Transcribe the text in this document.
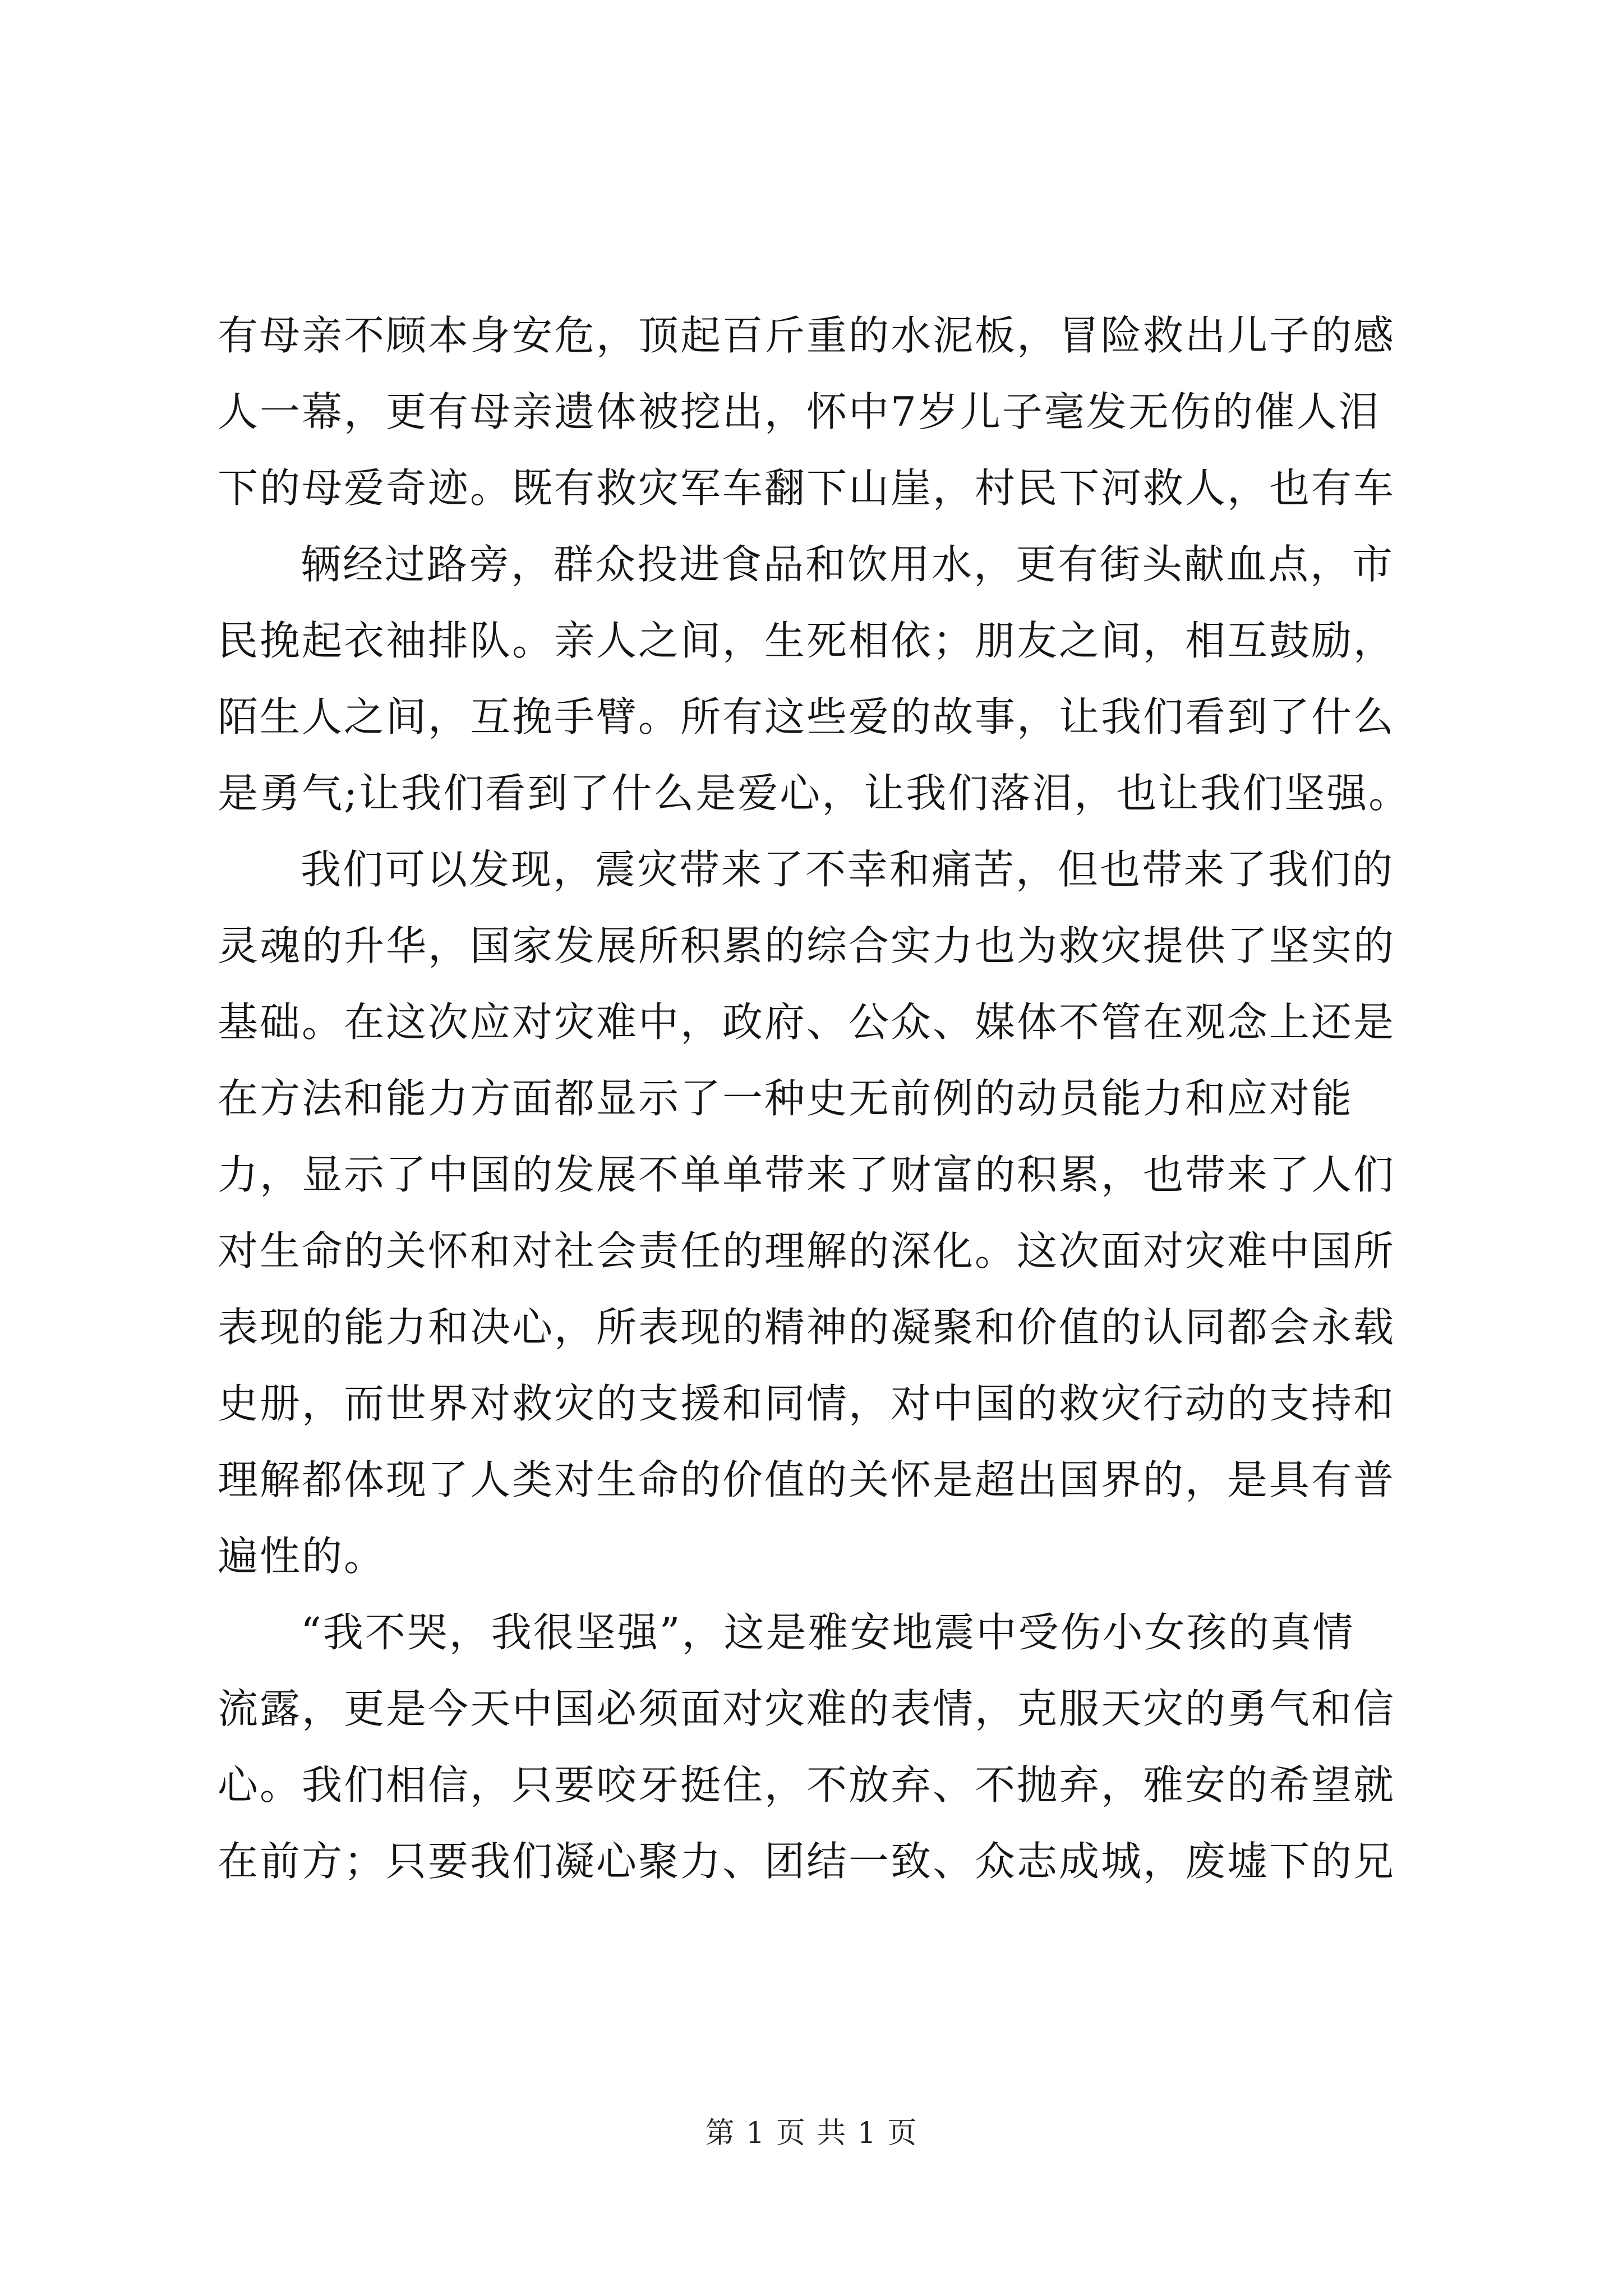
有母亲不顾本身安危，顶起百斤重的水泥板，冒险救出儿子的感
人一幕，更有母亲遗体被挖出，怀中7岁儿子毫发无伤的催人泪
下的母爱奇迹。既有救灾军车翻下山崖，村民下河救人，也有车
辆经过路旁，群众投进食品和饮用水，更有街头献血点，市
民挽起衣袖排队。亲人之间，生死相依；朋友之间，相互鼓励，
陌生人之间，互挽手臂。所有这些爱的故事，让我们看到了什么
是勇气;让我们看到了什么是爱心，让我们落泪，也让我们坚强。
我们可以发现，震灾带来了不幸和痛苦，但也带来了我们的
灵魂的升华，国家发展所积累的综合实力也为救灾提供了坚实的
基础。在这次应对灾难中，政府、公众、媒体不管在观念上还是
在方法和能力方面都显示了一种史无前例的动员能力和应对能
力，显示了中国的发展不单单带来了财富的积累，也带来了人们
对生命的关怀和对社会责任的理解的深化。这次面对灾难中国所
表现的能力和决心，所表现的精神的凝聚和价值的认同都会永载
史册，而世界对救灾的支援和同情，对中国的救灾行动的支持和
理解都体现了人类对生命的价值的关怀是超出国界的，是具有普
遍性的。
“我不哭，我很坚强”，这是雅安地震中受伤小女孩的真情
流露，更是今天中国必须面对灾难的表情，克服天灾的勇气和信
心。我们相信，只要咬牙挺住，不放弃、不抛弃，雅安的希望就
在前方；只要我们凝心聚力、团结一致、众志成城，废墟下的兄
第 1 页 共 1 页
